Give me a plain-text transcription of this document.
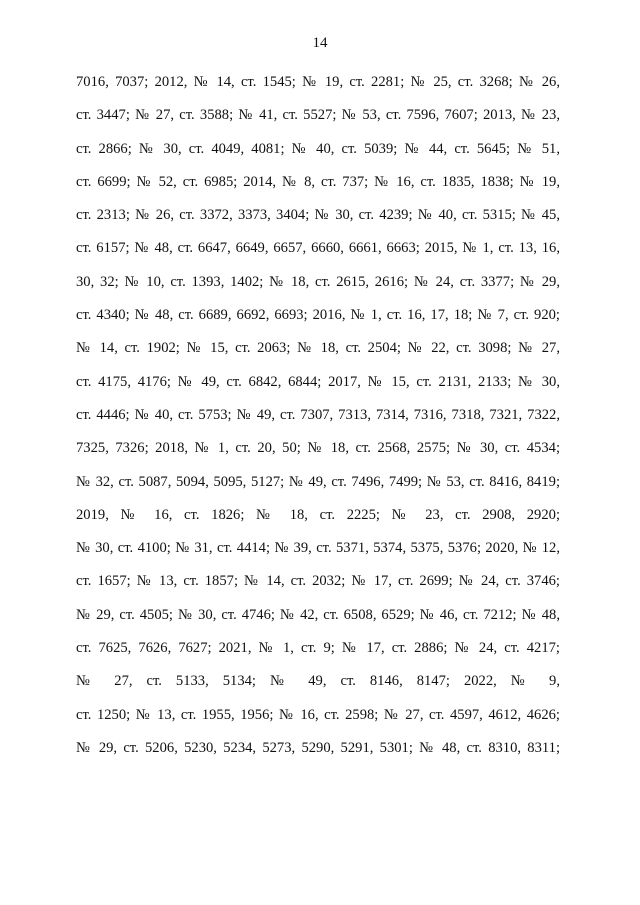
14
7016, 7037; 2012, № 14, ст. 1545; № 19, ст. 2281; № 25, ст. 3268; № 26,
ст. 3447; № 27, ст. 3588; № 41, ст. 5527; № 53, ст. 7596, 7607; 2013, № 23,
ст. 2866; № 30, ст. 4049, 4081; № 40, ст. 5039; № 44, ст. 5645; № 51,
ст. 6699; № 52, ст. 6985; 2014, № 8, ст. 737; № 16, ст. 1835, 1838; № 19,
ст. 2313; № 26, ст. 3372, 3373, 3404; № 30, ст. 4239; № 40, ст. 5315; № 45,
ст. 6157; № 48, ст. 6647, 6649, 6657, 6660, 6661, 6663; 2015, № 1, ст. 13, 16,
30, 32; № 10, ст. 1393, 1402; № 18, ст. 2615, 2616; № 24, ст. 3377; № 29,
ст. 4340; № 48, ст. 6689, 6692, 6693; 2016, № 1, ст. 16, 17, 18; № 7, ст. 920;
№ 14, ст. 1902; № 15, ст. 2063; № 18, ст. 2504; № 22, ст. 3098; № 27,
ст. 4175, 4176; № 49, ст. 6842, 6844; 2017, № 15, ст. 2131, 2133; № 30,
ст. 4446; № 40, ст. 5753; № 49, ст. 7307, 7313, 7314, 7316, 7318, 7321, 7322,
7325, 7326; 2018, № 1, ст. 20, 50; № 18, ст. 2568, 2575; № 30, ст. 4534;
№ 32, ст. 5087, 5094, 5095, 5127; № 49, ст. 7496, 7499; № 53, ст. 8416, 8419;
2019, № 16, ст. 1826; № 18, ст. 2225; № 23, ст. 2908, 2920;
№ 30, ст. 4100; № 31, ст. 4414; № 39, ст. 5371, 5374, 5375, 5376; 2020, № 12,
ст. 1657; № 13, ст. 1857; № 14, ст. 2032; № 17, ст. 2699; № 24, ст. 3746;
№ 29, ст. 4505; № 30, ст. 4746; № 42, ст. 6508, 6529; № 46, ст. 7212; № 48,
ст. 7625, 7626, 7627; 2021, № 1, ст. 9; № 17, ст. 2886; № 24, ст. 4217;
№ 27, ст. 5133, 5134; № 49, ст. 8146, 8147; 2022, № 9,
ст. 1250; № 13, ст. 1955, 1956; № 16, ст. 2598; № 27, ст. 4597, 4612, 4626;
№ 29, ст. 5206, 5230, 5234, 5273, 5290, 5291, 5301; № 48, ст. 8310, 8311;
